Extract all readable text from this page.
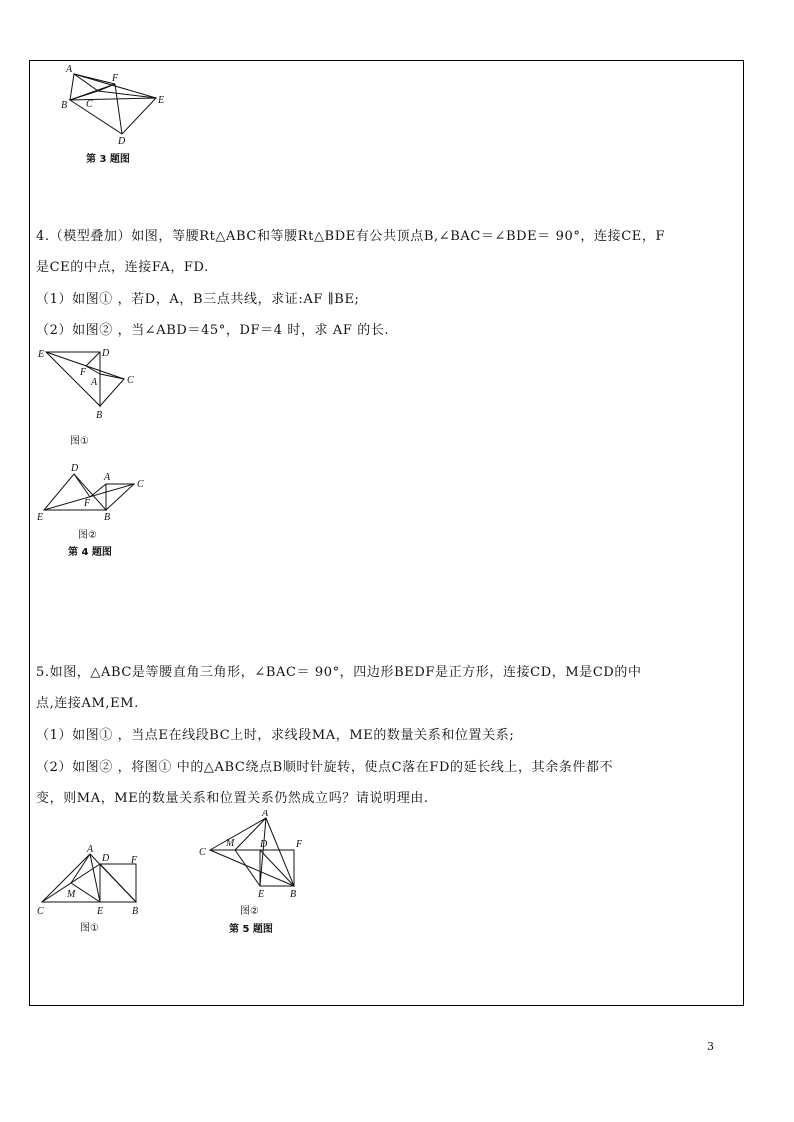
A
B C
D
E
F
第 3 题图
4.（模型叠加）如图，等腰Rt△ABC和等腰Rt△BDE有公共顶点B,∠BAC＝∠BDE＝ 90°，连接CE，F
是CE的中点，连接FA，FD.
（1）如图① ，若D，A，B三点共线，求证:AF ∥BE;
（2）如图② ，当∠ABD＝45°，DF＝4 时，求 AF 的长.
E	D
F
A	C
B
图①
D
A
C
F
E	B
图②
第 4 题图
5.如图，△ABC是等腰直角三角形，∠BAC＝ 90°，四边形BEDF是正方形，连接CD，M是CD的中
点,连接AM,EM.
（1）如图① ，当点E在线段BC上时，求线段MA，ME的数量关系和位置关系;
（2）如图② ，将图① 中的△ABC绕点B顺时针旋转，使点C落在FD的延长线上，其余条件都不
变，则MA，ME的数量关系和位置关系仍然成立吗？请说明理由.
A
D F
M
C	E	B
图①
A
C
M	D	F
E	B
图②
第 5 题图
3
